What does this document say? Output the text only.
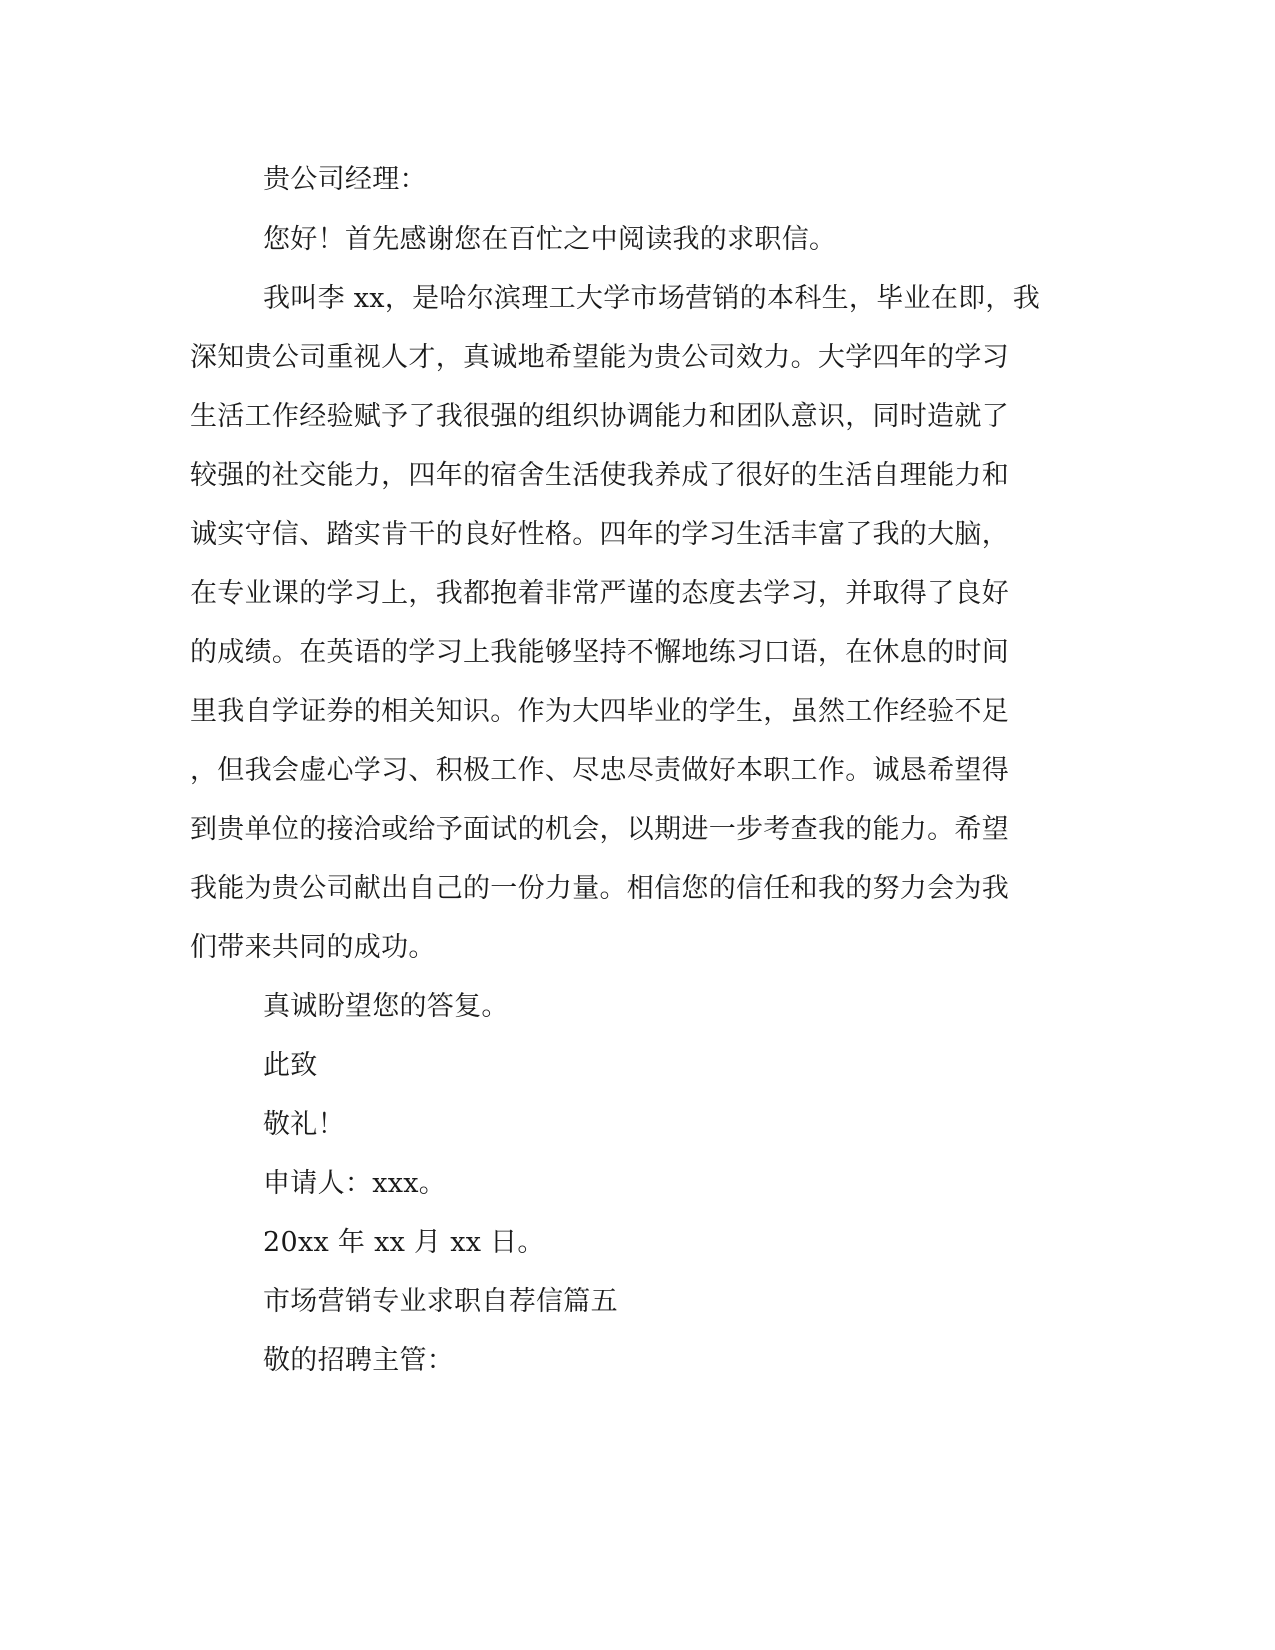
贵公司经理：
您好！首先感谢您在百忙之中阅读我的求职信。
我叫李 xx，是哈尔滨理工大学市场营销的本科生，毕业在即，我
深知贵公司重视人才，真诚地希望能为贵公司效力。大学四年的学习
生活工作经验赋予了我很强的组织协调能力和团队意识，同时造就了
较强的社交能力，四年的宿舍生活使我养成了很好的生活自理能力和
诚实守信、踏实肯干的良好性格。四年的学习生活丰富了我的大脑，
在专业课的学习上，我都抱着非常严谨的态度去学习，并取得了良好
的成绩。在英语的学习上我能够坚持不懈地练习口语，在休息的时间
里我自学证券的相关知识。作为大四毕业的学生，虽然工作经验不足
，但我会虚心学习、积极工作、尽忠尽责做好本职工作。诚恳希望得
到贵单位的接洽或给予面试的机会，以期进一步考查我的能力。希望
我能为贵公司献出自己的一份力量。相信您的信任和我的努力会为我
们带来共同的成功。
真诚盼望您的答复。
此致
敬礼！
申请人：xxx。
20xx 年 xx 月 xx 日。
市场营销专业求职自荐信篇五
敬的招聘主管：
